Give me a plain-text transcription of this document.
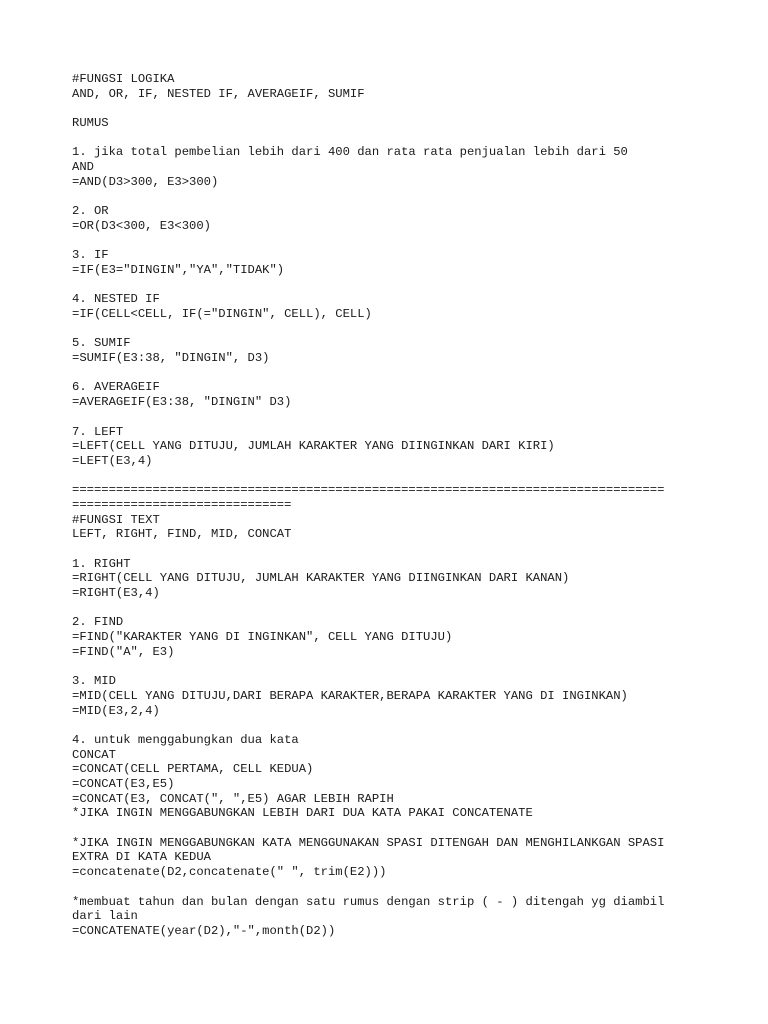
#FUNGSI LOGIKA
AND, OR, IF, NESTED IF, AVERAGEIF, SUMIF
RUMUS
1. jika total pembelian lebih dari 400 dan rata rata penjualan lebih dari 50
AND
=AND(D3>300, E3>300)
2. OR
=OR(D3<300, E3<300)
3. IF
=IF(E3="DINGIN","YA","TIDAK")
4. NESTED IF
=IF(CELL<CELL, IF(="DINGIN", CELL), CELL)
5. SUMIF
=SUMIF(E3:38, "DINGIN", D3)
6. AVERAGEIF
=AVERAGEIF(E3:38, "DINGIN" D3)
7. LEFT
=LEFT(CELL YANG DITUJU, JUMLAH KARAKTER YANG DIINGINKAN DARI KIRI)
=LEFT(E3,4)
=================================================================================
==============================
#FUNGSI TEXT
LEFT, RIGHT, FIND, MID, CONCAT
1. RIGHT
=RIGHT(CELL YANG DITUJU, JUMLAH KARAKTER YANG DIINGINKAN DARI KANAN)
=RIGHT(E3,4)
2. FIND
=FIND("KARAKTER YANG DI INGINKAN", CELL YANG DITUJU)
=FIND("A", E3)
3. MID
=MID(CELL YANG DITUJU,DARI BERAPA KARAKTER,BERAPA KARAKTER YANG DI INGINKAN)
=MID(E3,2,4)
4. untuk menggabungkan dua kata
CONCAT
=CONCAT(CELL PERTAMA, CELL KEDUA)
=CONCAT(E3,E5)
=CONCAT(E3, CONCAT(", ",E5) AGAR LEBIH RAPIH
*JIKA INGIN MENGGABUNGKAN LEBIH DARI DUA KATA PAKAI CONCATENATE
*JIKA INGIN MENGGABUNGKAN KATA MENGGUNAKAN SPASI DITENGAH DAN MENGHILANKGAN SPASI
EXTRA DI KATA KEDUA
=concatenate(D2,concatenate(" ", trim(E2)))
*membuat tahun dan bulan dengan satu rumus dengan strip ( - ) ditengah yg diambil
dari lain
=CONCATENATE(year(D2),"-",month(D2))
